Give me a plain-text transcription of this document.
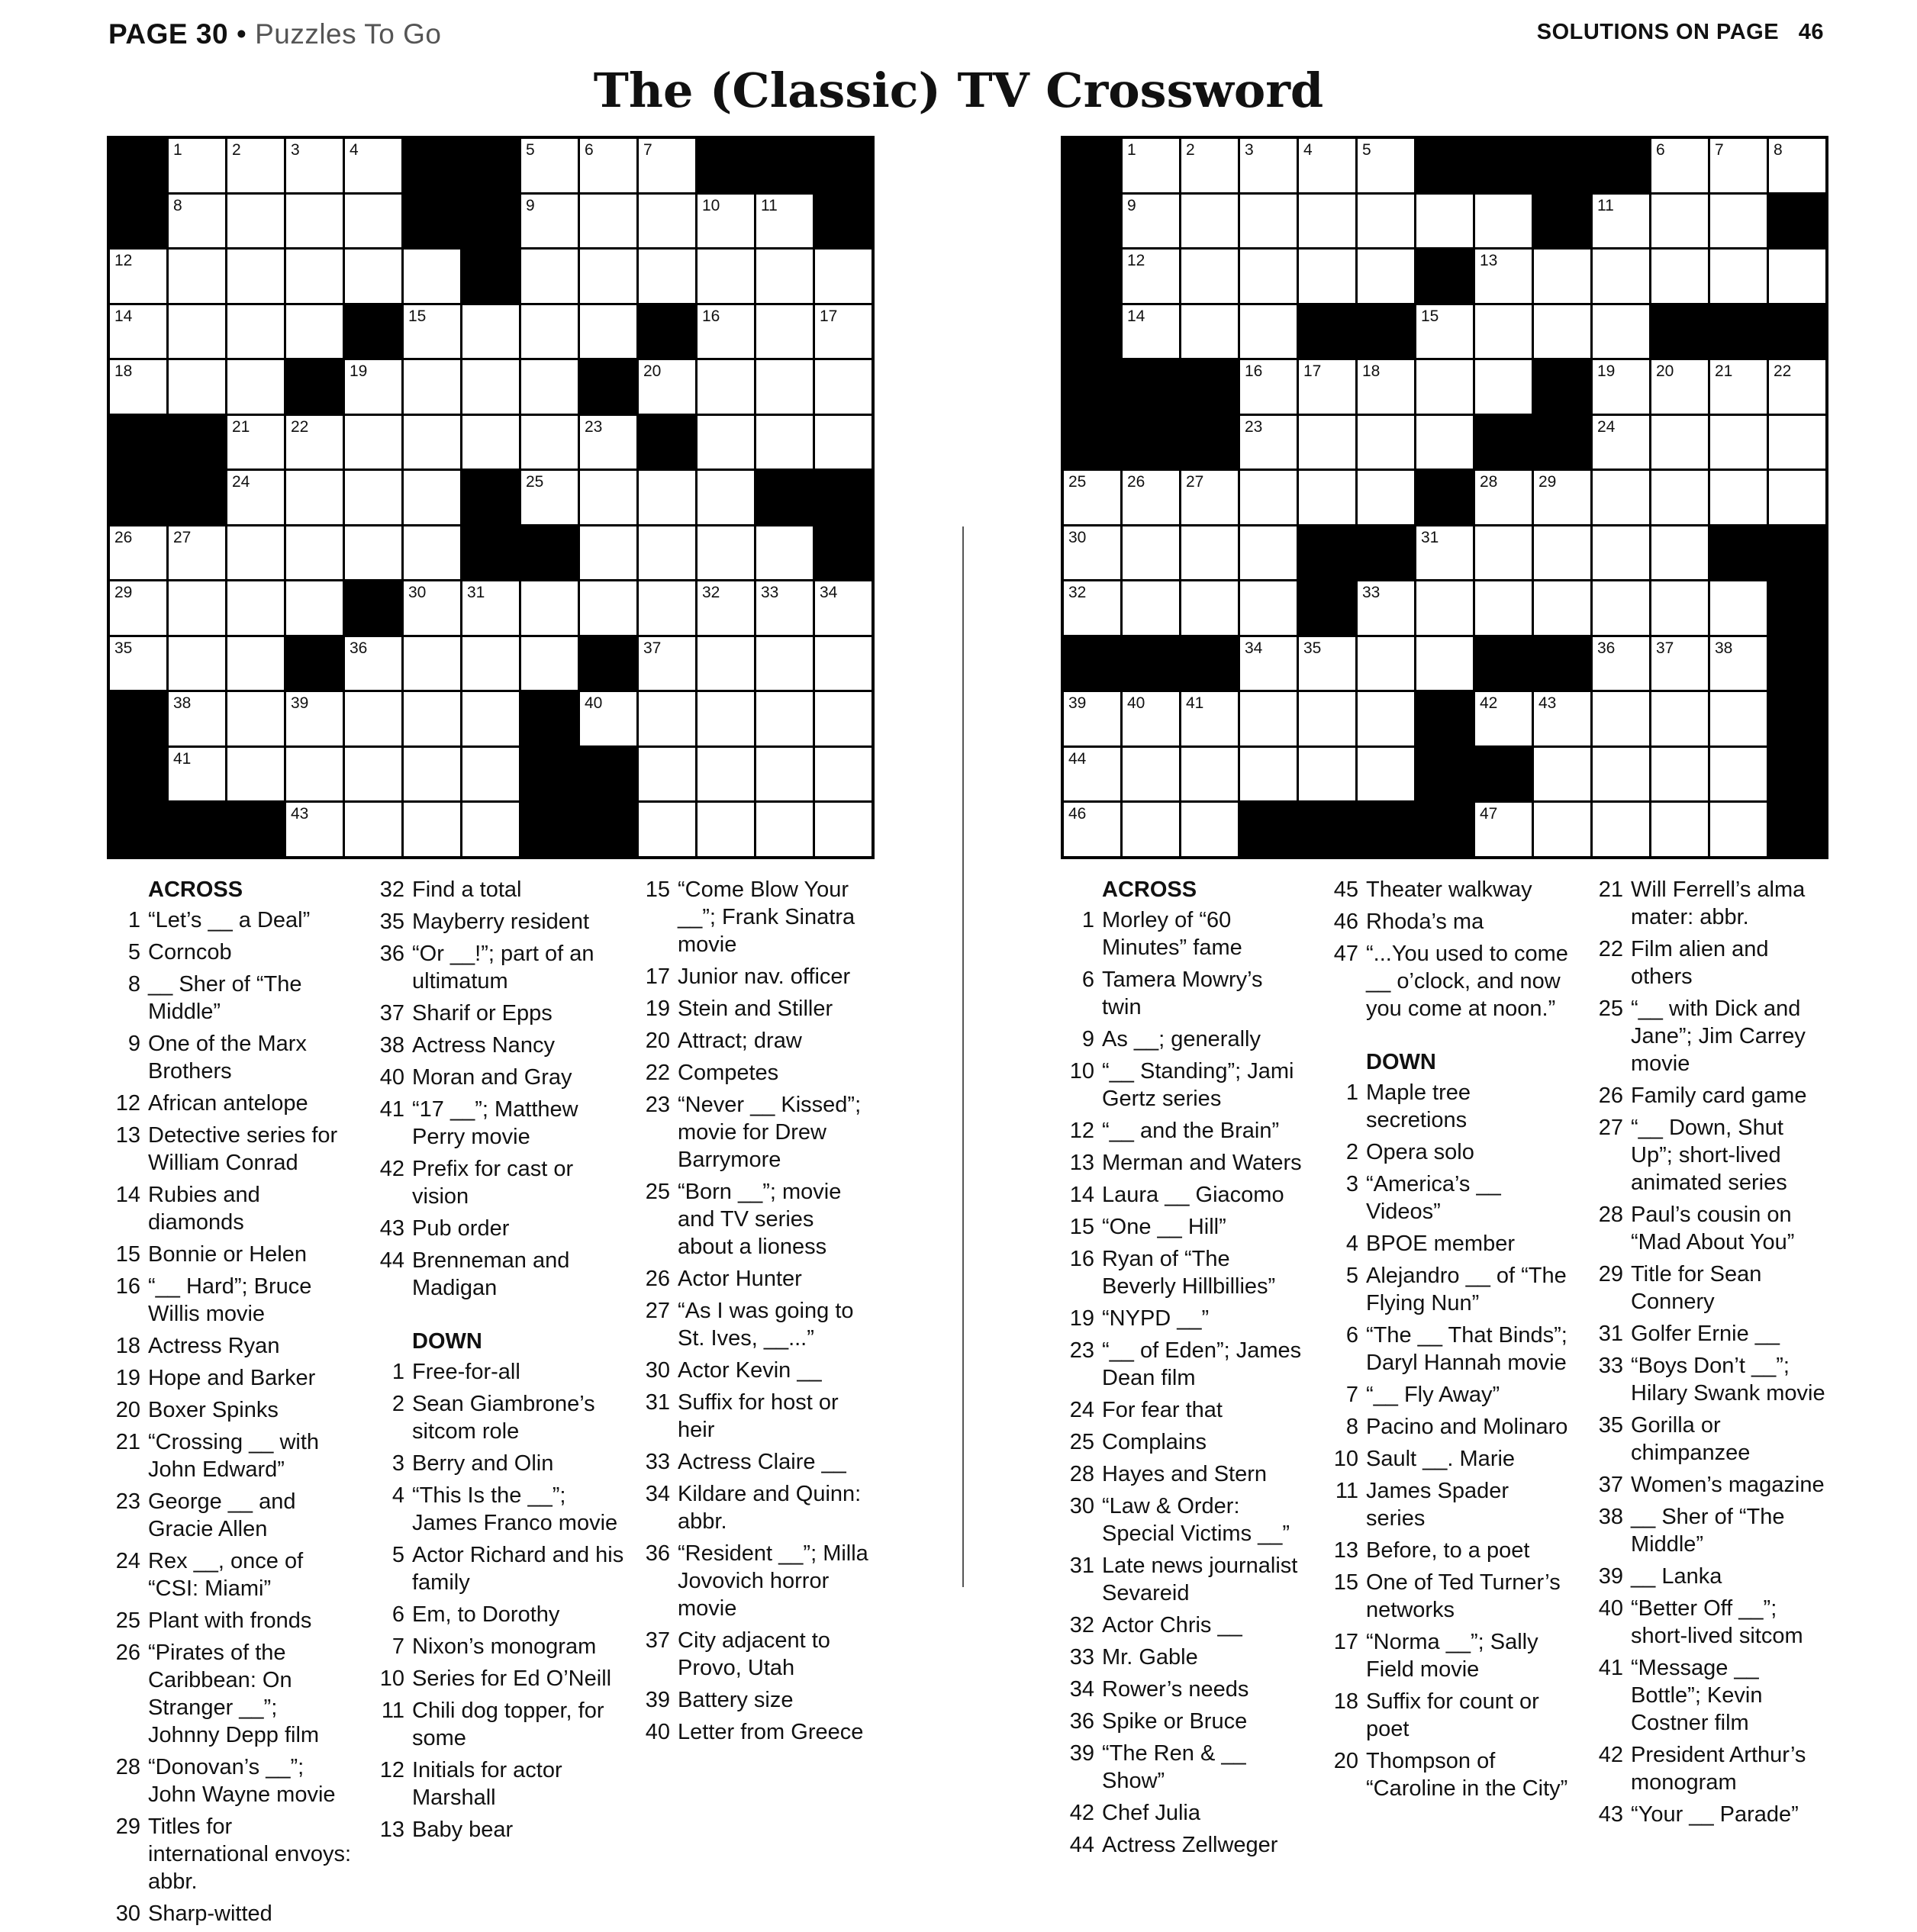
PAGE 30 • Puzzles To Go	SOLUTIONS ON PAGE   46
The (Classic) TV Crossword
1	2	3	4	5	6	7
8	9	10	11
12
14	15	16	17
18	19	20
21	22	23
24	25
26	27
29	30	31	32	33	34
35	36	37
38	39	40
41
43
1	2	3	4	5	6	7	8
9	11
12	13
14	15
16	17	18	19	20	21	22
23	24
25	26	27	28	29
30	31
32	33
34	35	36	37	38
39	40	41	42	43
44
46	47
ACROSS
1 “Let’s __ a Deal”
5 Corncob
8 __ Sher of “The Middle”
9 One of the Marx Brothers
12 African antelope
13 Detective series for William Conrad
14 Rubies and diamonds
15 Bonnie or Helen
16 “__ Hard”; Bruce Willis movie
18 Actress Ryan
19 Hope and Barker
20 Boxer Spinks
21 “Crossing __ with John Edward”
23 George __ and Gracie Allen
24 Rex __, once of “CSI: Miami”
25 Plant with fronds
26 “Pirates of the Caribbean: On Stranger __”; Johnny Depp film
28 “Donovan’s __”; John Wayne movie
29 Titles for international envoys: abbr.
30 Sharp-witted
32 Find a total
35 Mayberry resident
36 “Or __!”; part of an ultimatum
37 Sharif or Epps
38 Actress Nancy
40 Moran and Gray
41 “17 __”; Matthew Perry movie
42 Prefix for cast or vision
43 Pub order
44 Brenneman and Madigan
DOWN
1 Free-for-all
2 Sean Giambrone’s sitcom role
3 Berry and Olin
4 “This Is the __”; James Franco movie
5 Actor Richard and his family
6 Em, to Dorothy
7 Nixon’s monogram
10 Series for Ed O’Neill
11 Chili dog topper, for some
12 Initials for actor Marshall
13 Baby bear
15 “Come Blow Your __”; Frank Sinatra movie
17 Junior nav. officer
19 Stein and Stiller
20 Attract; draw
22 Competes
23 “Never __ Kissed”; movie for Drew Barrymore
25 “Born __”; movie and TV series about a lioness
26 Actor Hunter
27 “As I was going to St. Ives, __...”
30 Actor Kevin __
31 Suffix for host or heir
33 Actress Claire __
34 Kildare and Quinn: abbr.
36 “Resident __”; Milla Jovovich horror movie
37 City adjacent to Provo, Utah
39 Battery size
40 Letter from Greece
ACROSS
1 Morley of “60 Minutes” fame
6 Tamera Mowry’s twin
9 As __; generally
10 “__ Standing”; Jami Gertz series
12 “__ and the Brain”
13 Merman and Waters
14 Laura __ Giacomo
15 “One __ Hill”
16 Ryan of “The Beverly Hillbillies”
19 “NYPD __”
23 “__ of Eden”; James Dean film
24 For fear that
25 Complains
28 Hayes and Stern
30 “Law & Order: Special Victims __”
31 Late news journalist Sevareid
32 Actor Chris __
33 Mr. Gable
34 Rower’s needs
36 Spike or Bruce
39 “The Ren & __ Show”
42 Chef Julia
44 Actress Zellweger
45 Theater walkway
46 Rhoda’s ma
47 “...You used to come __ o’clock, and now you come at noon.”
DOWN
1 Maple tree secretions
2 Opera solo
3 “America’s __ Videos”
4 BPOE member
5 Alejandro __ of “The Flying Nun”
6 “The __ That Binds”; Daryl Hannah movie
7 “__ Fly Away”
8 Pacino and Molinaro
10 Sault __. Marie
11 James Spader series
13 Before, to a poet
15 One of Ted Turner’s networks
17 “Norma __”; Sally Field movie
18 Suffix for count or poet
20 Thompson of “Caroline in the City”
21 Will Ferrell’s alma mater: abbr.
22 Film alien and others
25 “__ with Dick and Jane”; Jim Carrey movie
26 Family card game
27 “__ Down, Shut Up”; short-lived animated series
28 Paul’s cousin on “Mad About You”
29 Title for Sean Connery
31 Golfer Ernie __
33 “Boys Don’t __”; Hilary Swank movie
35 Gorilla or chimpanzee
37 Women’s magazine
38 __ Sher of “The Middle”
39 __ Lanka
40 “Better Off __”; short-lived sitcom
41 “Message __ Bottle”; Kevin Costner film
42 President Arthur’s monogram
43 “Your __ Parade”
